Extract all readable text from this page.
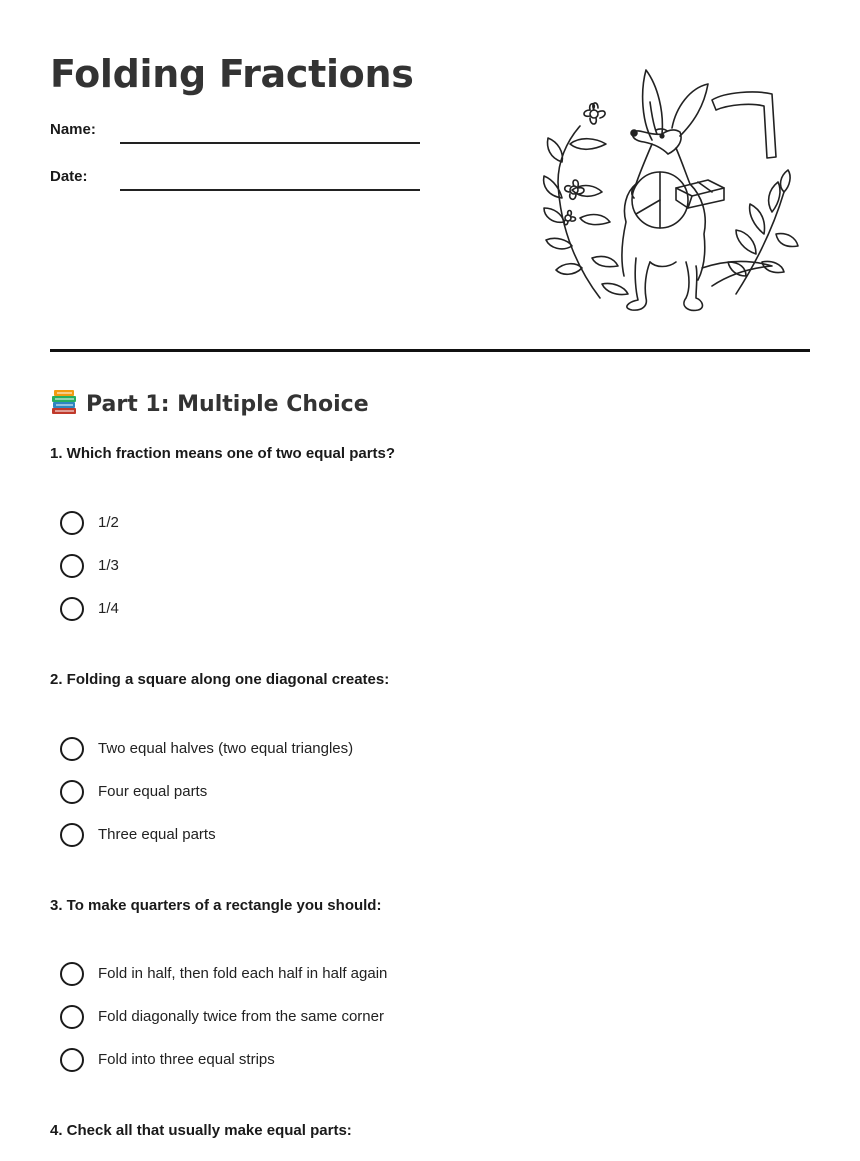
Folding Fractions
Name:
Date:
Part 1: Multiple Choice

1. Which fraction means one of two equal parts?

1/2
1/3
1/4

2. Folding a square along one diagonal creates:

Two equal halves (two equal triangles)
Four equal parts
Three equal parts

3. To make quarters of a rectangle you should:

Fold in half, then fold each half in half again
Fold diagonally twice from the same corner
Fold into three equal strips

4. Check all that usually make equal parts:
